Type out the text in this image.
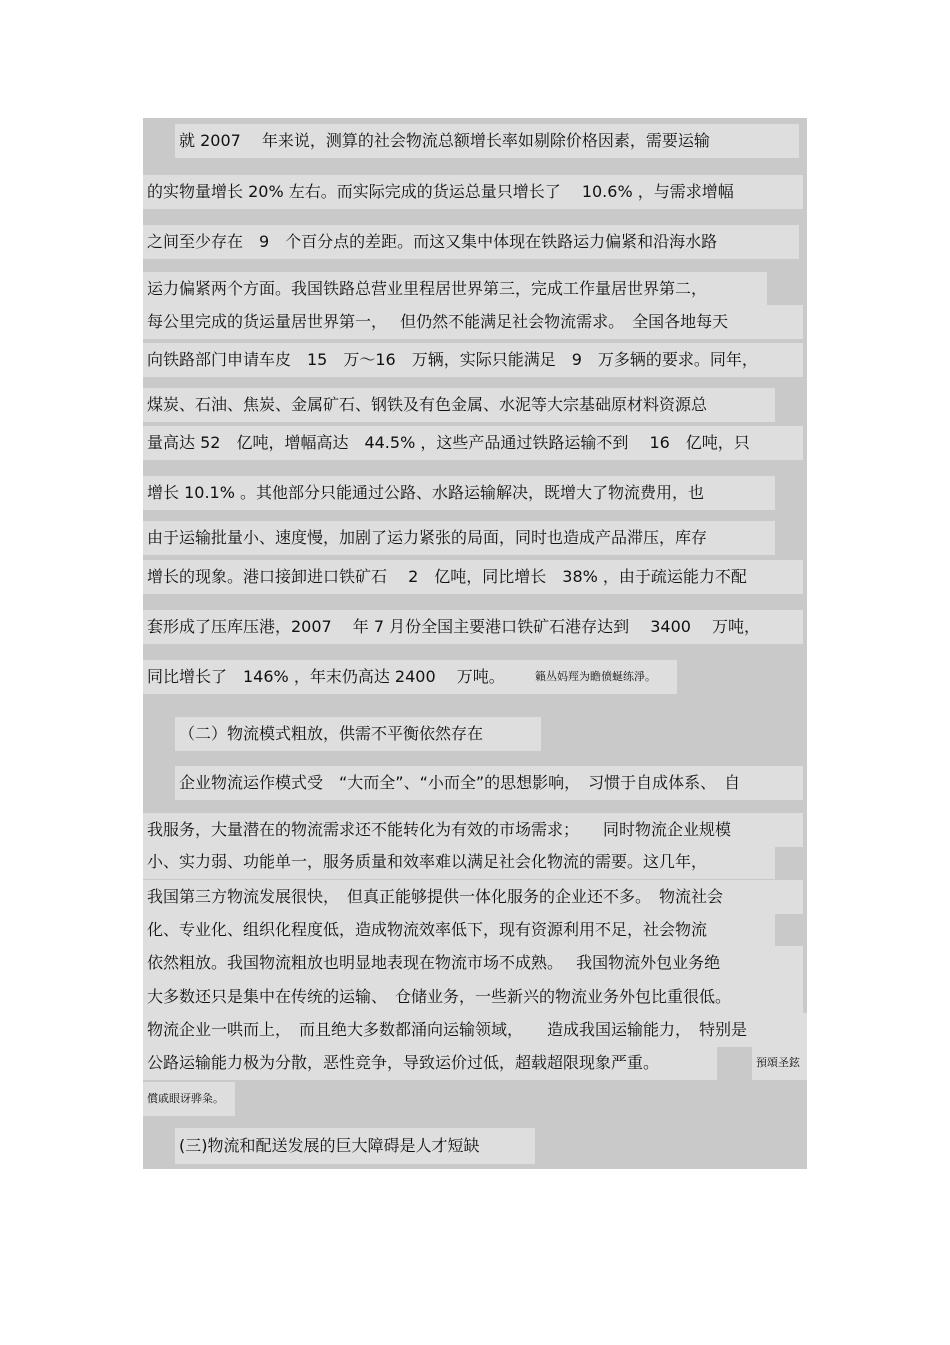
就 2007　 年来说，测算的社会物流总额增长率如剔除价格因素，需要运输
的实物量增长 20% 左右。而实际完成的货运总量只增长了　 10.6% ，与需求增幅
之间至少存在　9　个百分点的差距。而这又集中体现在铁路运力偏紧和沿海水路
运力偏紧两个方面。我国铁路总营业里程居世界第三，完成工作量居世界第二，
每公里完成的货运量居世界第一，　 但仍然不能满足社会物流需求。　全国各地每天
向铁路部门申请车皮　15　万～16　万辆，实际只能满足　9　万多辆的要求。同年，
煤炭、石油、焦炭、金属矿石、钢铁及有色金属、水泥等大宗基础原材料资源总
量高达 52　亿吨，增幅高达　44.5% ，这些产品通过铁路运输不到　 16　亿吨，只
增长 10.1% 。其他部分只能通过公路、水路运输解决，既增大了物流费用，也
由于运输批量小、速度慢，加剧了运力紧张的局面，同时也造成产品滞压，库存
增长的现象。港口接卸进口铁矿石　 2　亿吨，同比增长　38% ，由于疏运能力不配
套形成了压库压港，2007　 年 7 月份全国主要港口铁矿石港存达到　 3400　 万吨，
同比增长了　146% ，年末仍高达 2400　 万吨。	籟丛妈羥为瞻偾蜒练淨。
（二）物流模式粗放，供需不平衡依然存在
企业物流运作模式受　“大而全”、“小而全”的思想影响，　习惯于自成体系、　自
我服务，大量潜在的物流需求还不能转化为有效的市场需求；　　同时物流企业规模
小、实力弱、功能单一，服务质量和效率难以满足社会化物流的需要。这几年，
我国第三方物流发展很快，　但真正能够提供一体化服务的企业还不多。　物流社会
化、专业化、组织化程度低，造成物流效率低下，现有资源利用不足，社会物流
依然粗放。我国物流粗放也明显地表现在物流市场不成熟。　 我国物流外包业务绝
大多数还只是集中在传统的运输、　仓储业务，一些新兴的物流业务外包比重很低。
物流企业一哄而上，　而且绝大多数都涌向运输领域，　　造成我国运输能力，　特别是
公路运输能力极为分散，恶性竞争，导致运价过低，超载超限现象严重。	預頌圣鉉
償戚眼讶骅粂。
(三)物流和配送发展的巨大障碍是人才短缺
